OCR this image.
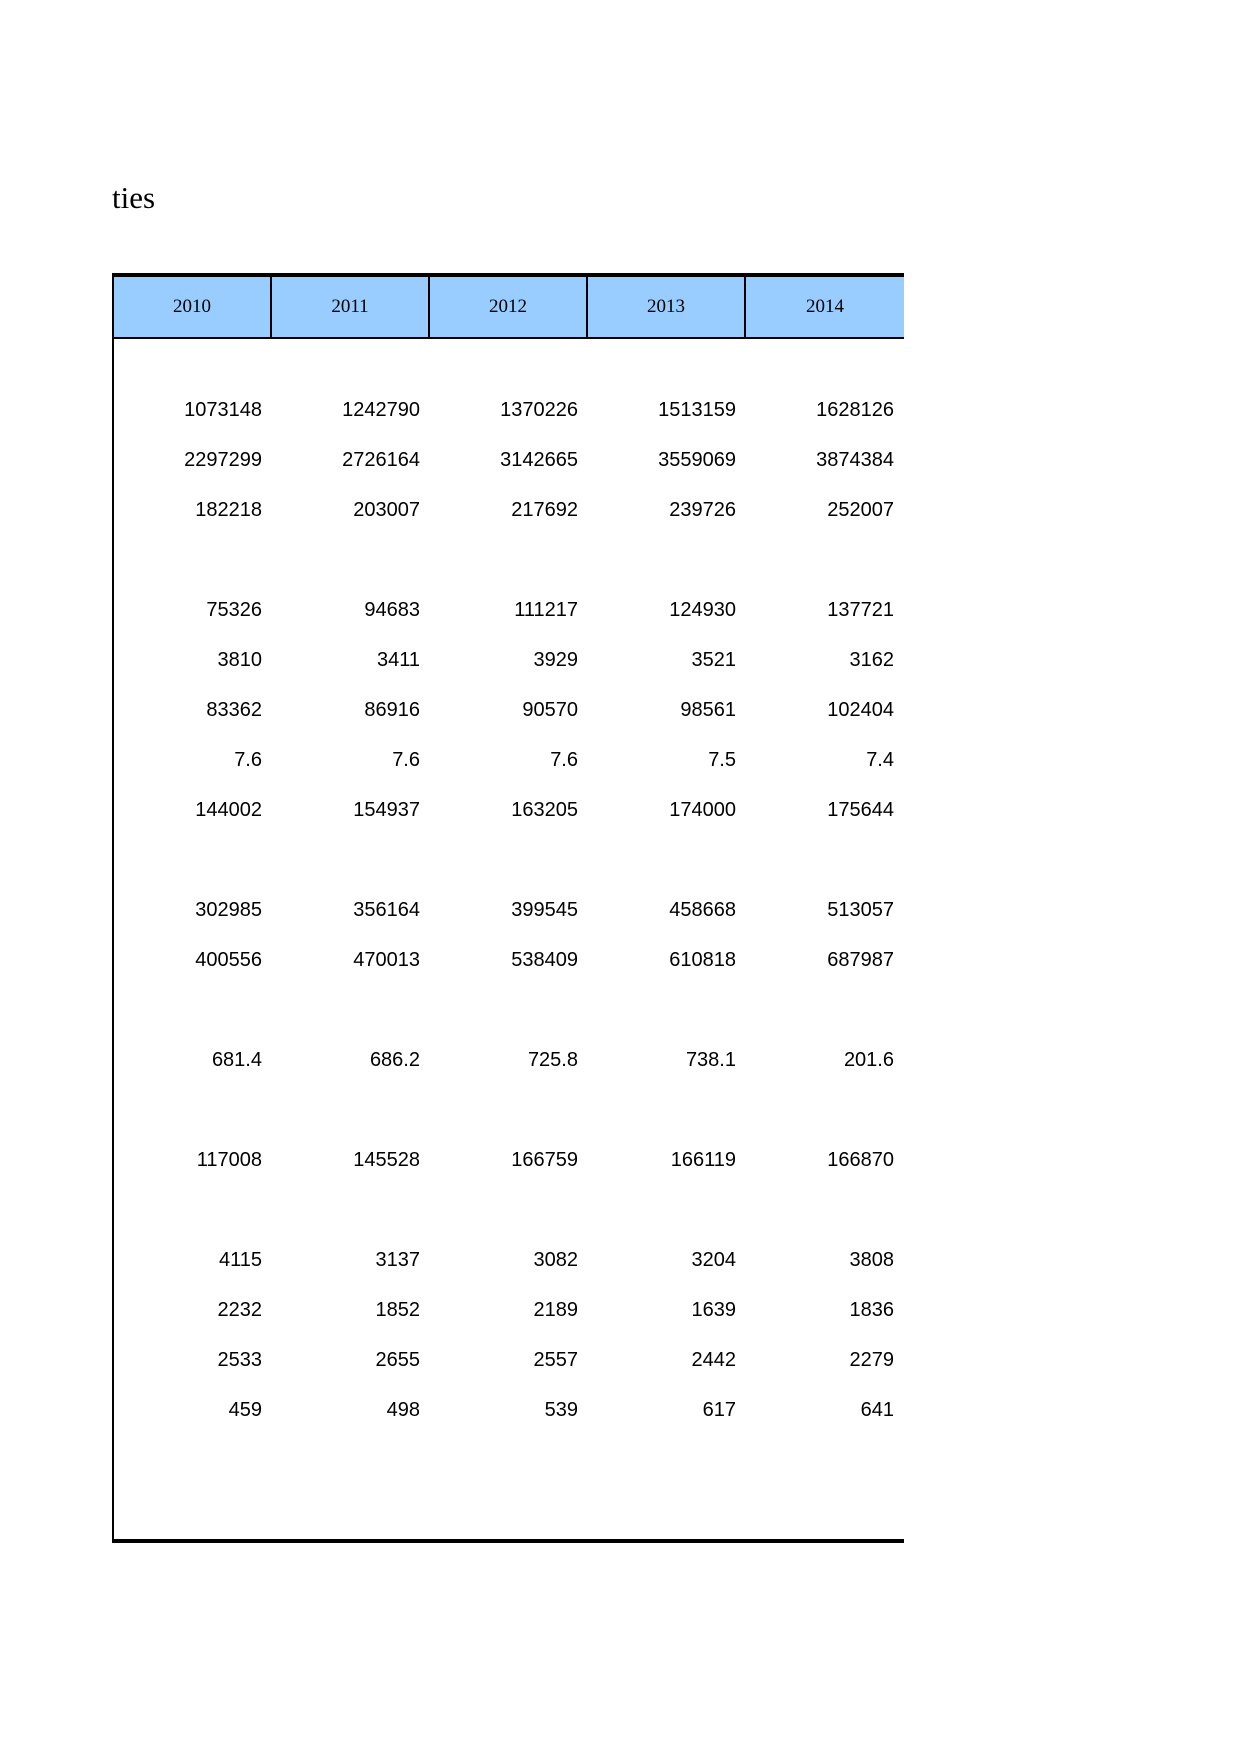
ties
2010	2011	2012	2013	2014
1073148	1242790	1370226	1513159	1628126
2297299	2726164	3142665	3559069	3874384
182218	203007	217692	239726	252007
75326	94683	111217	124930	137721
3810	3411	3929	3521	3162
83362	86916	90570	98561	102404
7.6	7.6	7.6	7.5	7.4
144002	154937	163205	174000	175644
302985	356164	399545	458668	513057
400556	470013	538409	610818	687987
681.4	686.2	725.8	738.1	201.6
117008	145528	166759	166119	166870
4115	3137	3082	3204	3808
2232	1852	2189	1639	1836
2533	2655	2557	2442	2279
459	498	539	617	641
